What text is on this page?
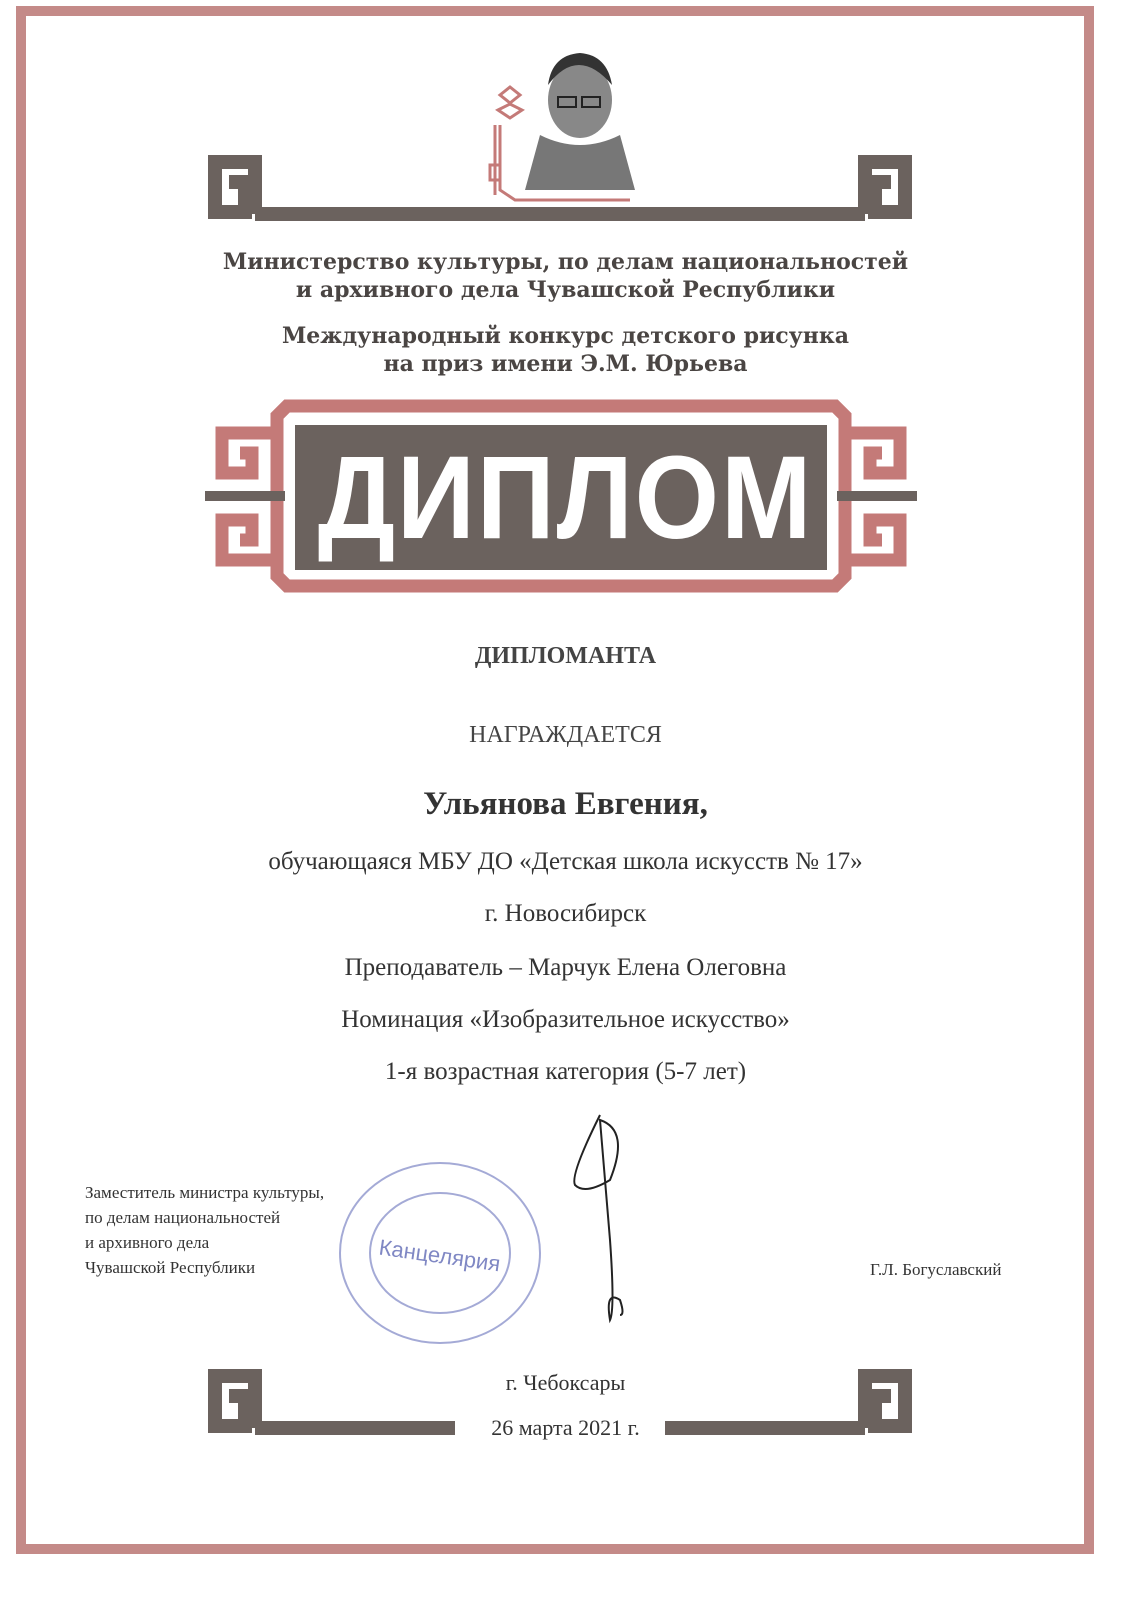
Министерство культуры, по делам национальностей
и архивного дела Чувашской Республики
Международный конкурс детского рисунка
на приз имени Э.М. Юрьева
ДИПЛОМ
ДИПЛОМАНТА
НАГРАЖДАЕТСЯ
Ульянова Евгения,
обучающаяся МБУ ДО «Детская школа искусств № 17»
г. Новосибирск
Преподаватель – Марчук Елена Олеговна
Номинация «Изобразительное искусство»
1-я возрастная категория (5-7 лет)
Заместитель министра культуры,
по делам национальностей
и архивного дела
Чувашской Республики	Канцелярия	Г.Л. Богуславский
г. Чебоксары
26 марта 2021 г.
